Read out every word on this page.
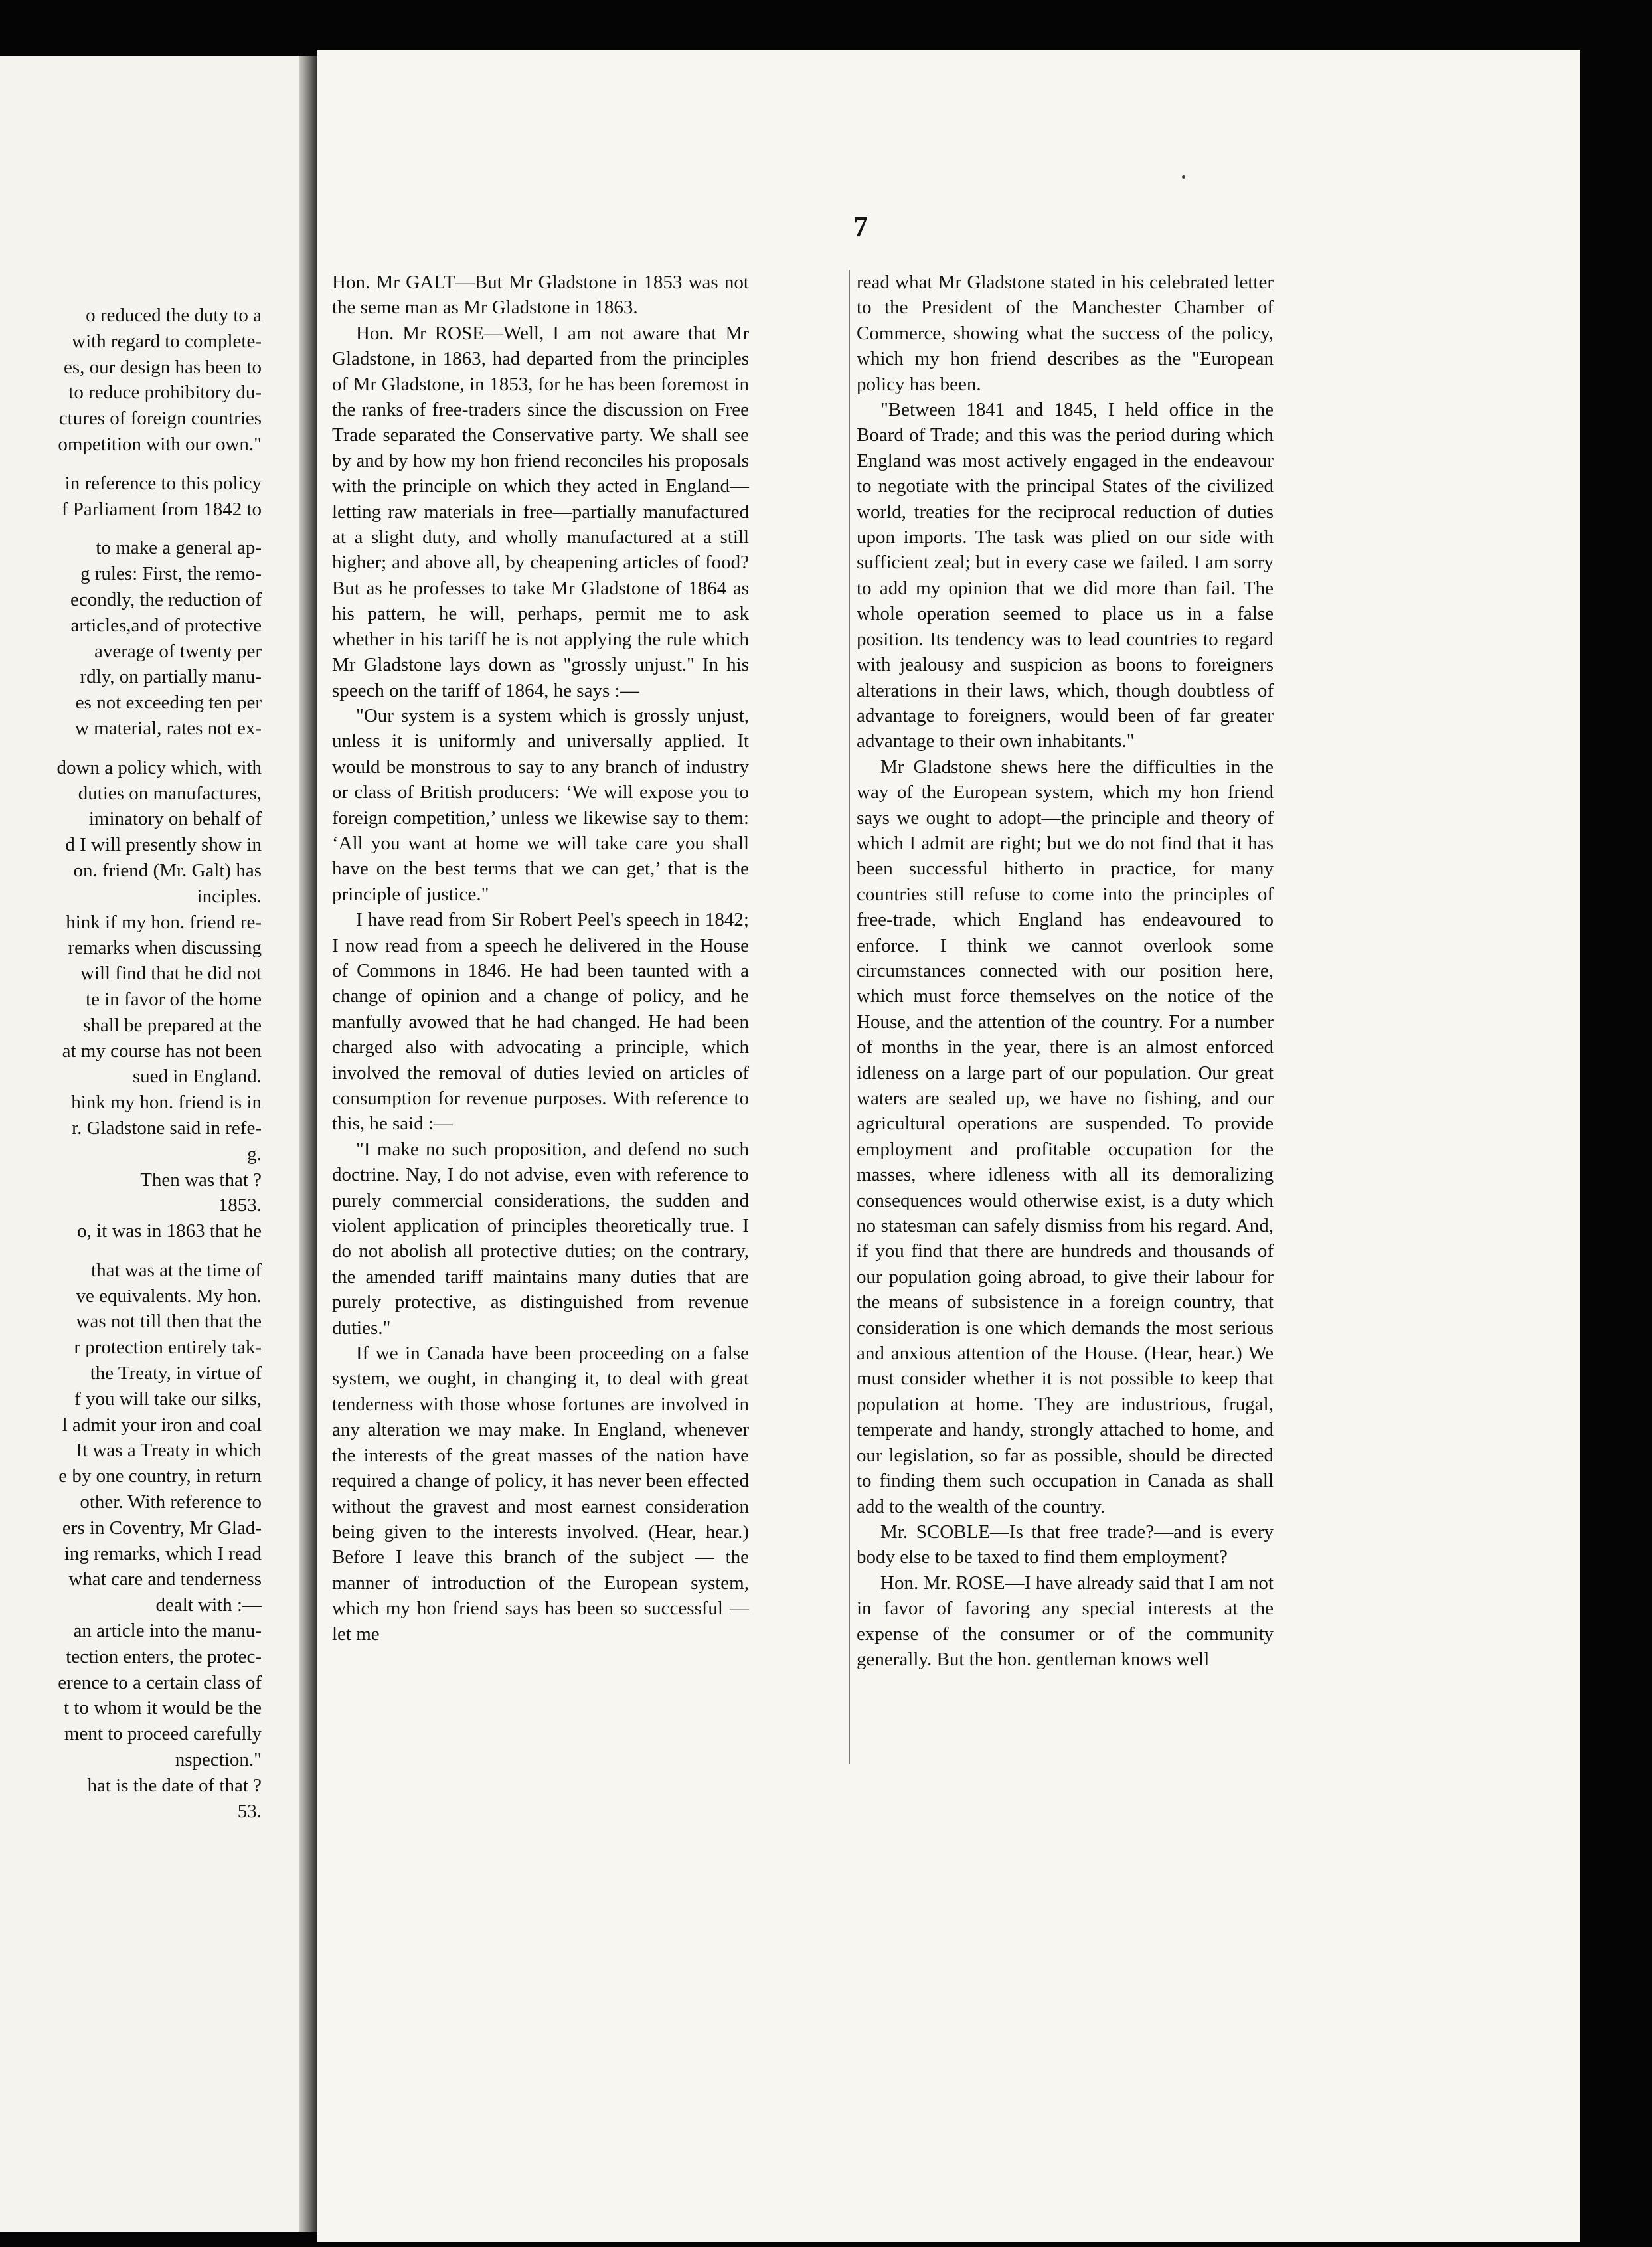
o reduced the duty to a
with regard to complete-
es, our design has been to
to reduce prohibitory du-
ctures of foreign countries
ompetition with our own."

in reference to this policy
f Parliament from 1842 to

to make a general ap-
g rules: First, the remo-
econdly, the reduction of
articles,and of protective
average of twenty per
rdly, on partially manu-
es not exceeding ten per
w material, rates not ex-

down a policy which, with
duties on manufactures,
iminatory on behalf of
d I will presently show in
on. friend (Mr. Galt) has
inciples.
hink if my hon. friend re-
remarks when discussing
will find that he did not
te in favor of the home
shall be prepared at the
at my course has not been
sued in England.
hink my hon. friend is in
r. Gladstone said in refe-
g.
Then was that ?
1853.
o, it was in 1863 that he

that was at the time of
ve equivalents. My hon.
was not till then that the
r protection entirely tak-
the Treaty, in virtue of
f you will take our silks,
l admit your iron and coal
It was a Treaty in which
e by one country, in return
other. With reference to
ers in Coventry, Mr Glad-
ing remarks, which I read
what care and tenderness
dealt with :—
an article into the manu-
tection enters, the protec-
erence to a certain class of
t to whom it would be the
ment to proceed carefully
nspection."
hat is the date of that ?
53.
7

Hon. Mr GALT—But Mr Gladstone in 1853 was not the seme man as Mr Gladstone in 1863.

Hon. Mr ROSE—Well, I am not aware that Mr Gladstone, in 1863, had departed from the principles of Mr Gladstone, in 1853, for he has been foremost in the ranks of free-traders since the discussion on Free Trade separated the Conservative party. We shall see by and by how my hon friend reconciles his proposals with the principle on which they acted in England—letting raw materials in free—partially manufactured at a slight duty, and wholly manufactured at a still higher; and above all, by cheapening articles of food? But as he professes to take Mr Gladstone of 1864 as his pattern, he will, perhaps, permit me to ask whether in his tariff he is not applying the rule which Mr Gladstone lays down as "grossly unjust." In his speech on the tariff of 1864, he says :—

"Our system is a system which is grossly unjust, unless it is uniformly and universally applied. It would be monstrous to say to any branch of industry or class of British producers: ‘We will expose you to foreign competition,’ unless we likewise say to them: ‘All you want at home we will take care you shall have on the best terms that we can get,’ that is the principle of justice."

I have read from Sir Robert Peel's speech in 1842; I now read from a speech he delivered in the House of Commons in 1846. He had been taunted with a change of opinion and a change of policy, and he manfully avowed that he had changed. He had been charged also with advocating a principle, which involved the removal of duties levied on articles of consumption for revenue purposes. With reference to this, he said :—

"I make no such proposition, and defend no such doctrine. Nay, I do not advise, even with reference to purely commercial considerations, the sudden and violent application of principles theoretically true. I do not abolish all protective duties; on the contrary, the amended tariff maintains many duties that are purely protective, as distinguished from revenue duties."

If we in Canada have been proceeding on a false system, we ought, in changing it, to deal with great tenderness with those whose fortunes are involved in any alteration we may make. In England, whenever the interests of the great masses of the nation have required a change of policy, it has never been effected without the gravest and most earnest consideration being given to the interests involved. (Hear, hear.) Before I leave this branch of the subject — the manner of introduction of the European system, which my hon friend says has been so successful — let me

read what Mr Gladstone stated in his celebrated letter to the President of the Manchester Chamber of Commerce, showing what the success of the policy, which my hon friend describes as the "European policy has been.

"Between 1841 and 1845, I held office in the Board of Trade; and this was the period during which England was most actively engaged in the endeavour to negotiate with the principal States of the civilized world, treaties for the reciprocal reduction of duties upon imports. The task was plied on our side with sufficient zeal; but in every case we failed. I am sorry to add my opinion that we did more than fail. The whole operation seemed to place us in a false position. Its tendency was to lead countries to regard with jealousy and suspicion as boons to foreigners alterations in their laws, which, though doubtless of advantage to foreigners, would been of far greater advantage to their own inhabitants."

Mr Gladstone shews here the difficulties in the way of the European system, which my hon friend says we ought to adopt—the principle and theory of which I admit are right; but we do not find that it has been successful hitherto in practice, for many countries still refuse to come into the principles of free-trade, which England has endeavoured to enforce. I think we cannot overlook some circumstances connected with our position here, which must force themselves on the notice of the House, and the attention of the country. For a number of months in the year, there is an almost enforced idleness on a large part of our population. Our great waters are sealed up, we have no fishing, and our agricultural operations are suspended. To provide employment and profitable occupation for the masses, where idleness with all its demoralizing consequences would otherwise exist, is a duty which no statesman can safely dismiss from his regard. And, if you find that there are hundreds and thousands of our population going abroad, to give their labour for the means of subsistence in a foreign country, that consideration is one which demands the most serious and anxious attention of the House. (Hear, hear.) We must consider whether it is not possible to keep that population at home. They are industrious, frugal, temperate and handy, strongly attached to home, and our legislation, so far as possible, should be directed to finding them such occupation in Canada as shall add to the wealth of the country.

Mr. SCOBLE—Is that free trade?—and is every body else to be taxed to find them employment?

Hon. Mr. ROSE—I have already said that I am not in favor of favoring any special interests at the expense of the consumer or of the community generally. But the hon. gentleman knows well
